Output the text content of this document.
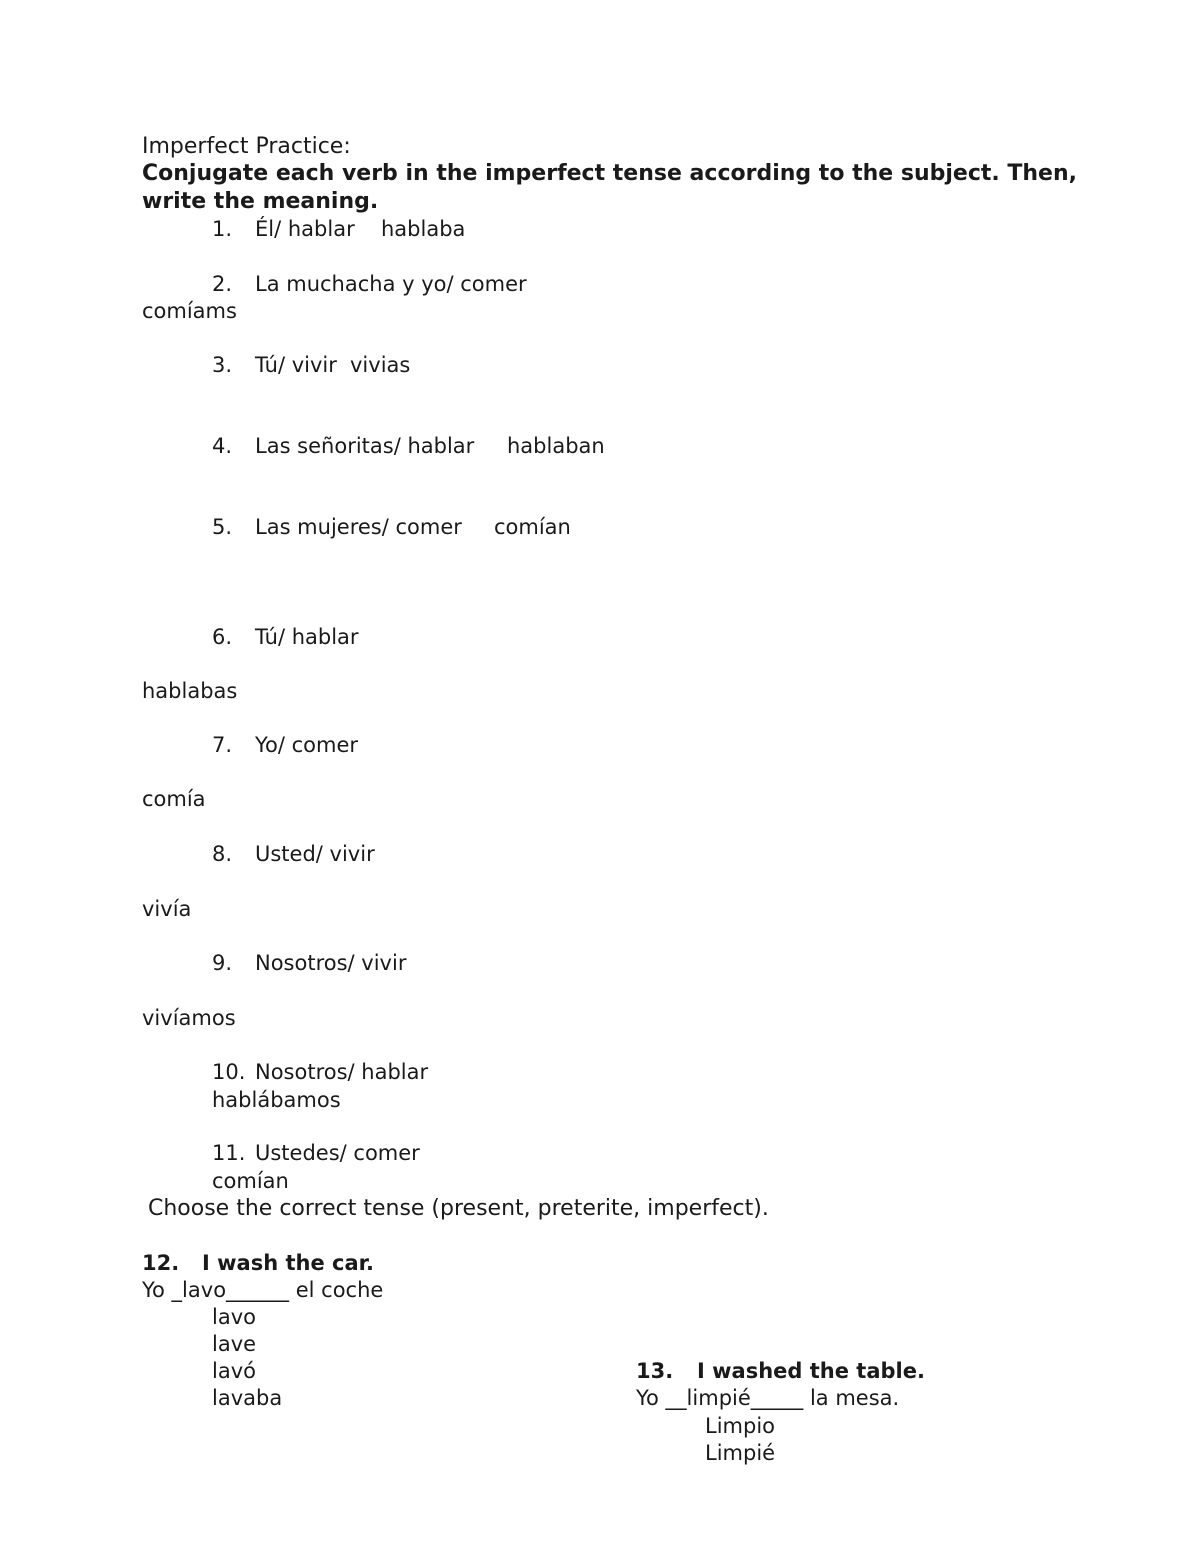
Imperfect Practice:
Conjugate each verb in the imperfect tense according to the subject. Then,
write the meaning.
1. Él/ hablar hablaba
2. La muchacha y yo/ comer
comíams
3. Tú/ vivir vivias
4. Las señoritas/ hablar hablaban
5. Las mujeres/ comer comían
6. Tú/ hablar
hablabas
7. Yo/ comer
comía
8. Usted/ vivir
vivía
9. Nosotros/ vivir
vivíamos
10. Nosotros/ hablar
hablábamos
11. Ustedes/ comer
comían
Choose the correct tense (present, preterite, imperfect).
12. I wash the car.
Yo _lavo______ el coche
lavo
lave
lavó
lavaba
13. I washed the table.
Yo __limpié_____ la mesa.
Limpio
Limpié
